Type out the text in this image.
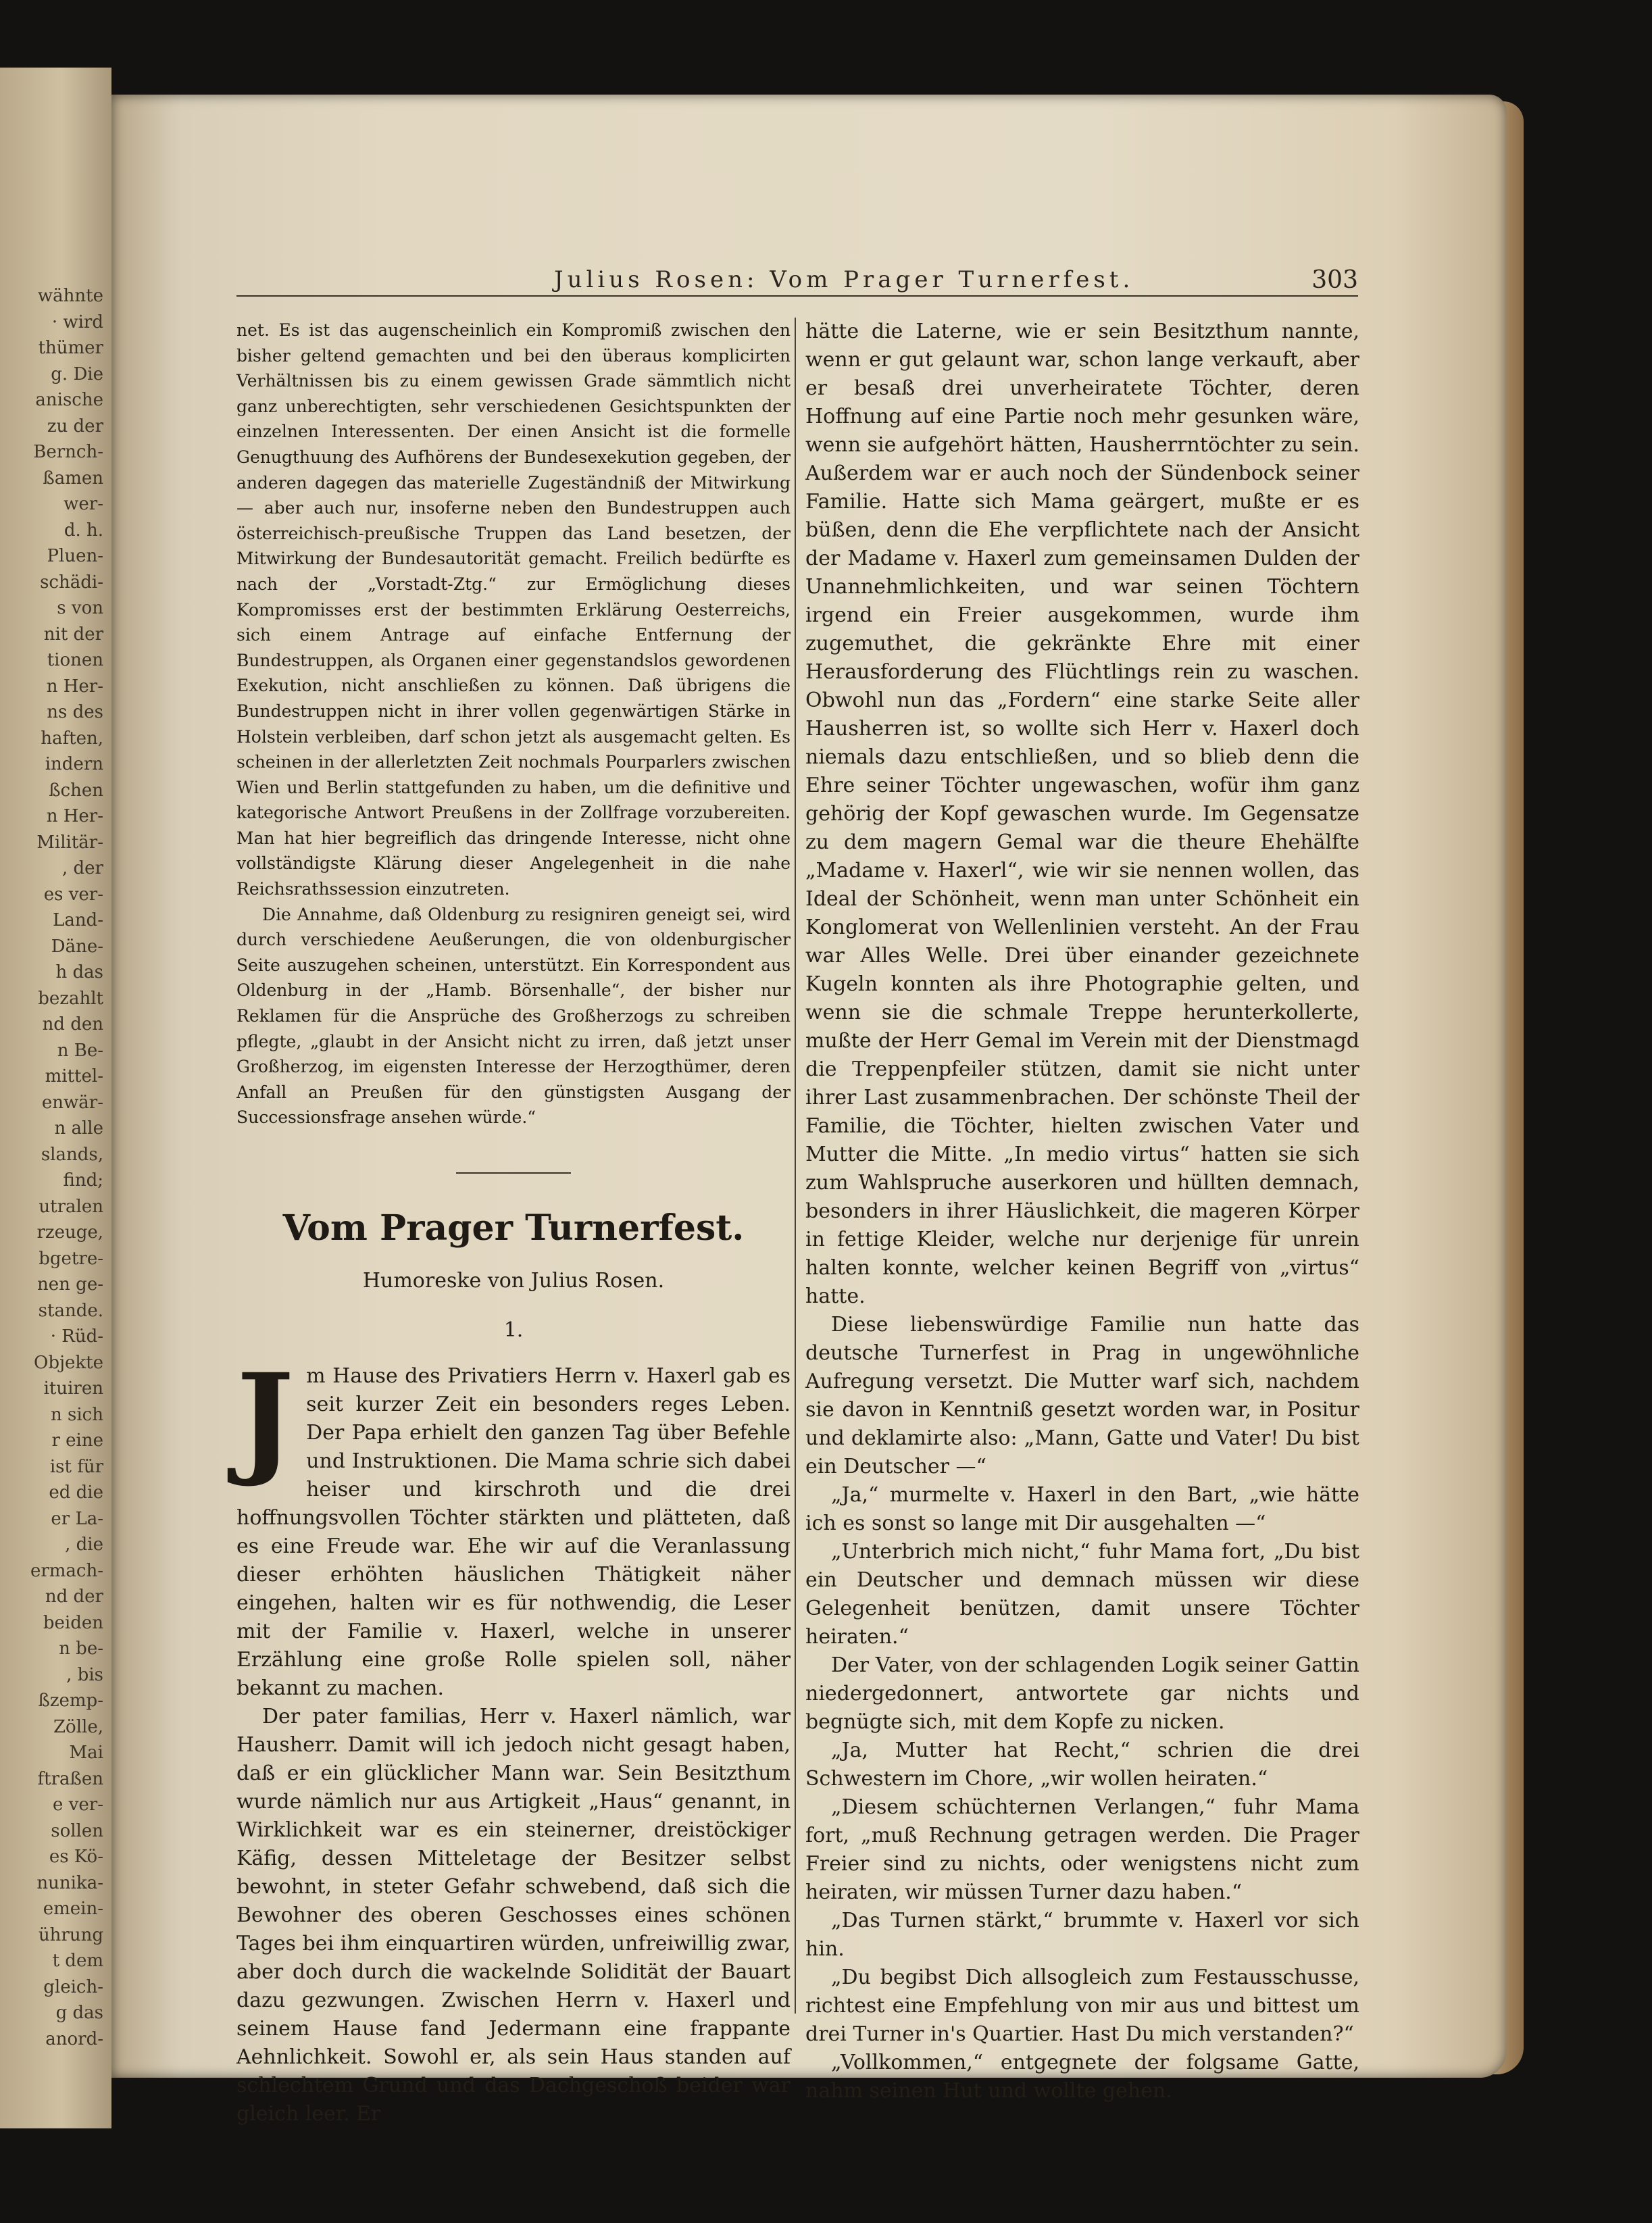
wähnte
· wird
thümer
g. Die
anische
zu der
Bernch-
ßamen
wer-
d. h.
Pluen-
schädi-
s von
nit der
tionen
n Her-
ns des
haften,
indern
ßchen
n Her-
Militär-
, der
es ver-
Land-
Däne-
h das
bezahlt
nd den
n Be-
mittel-
enwär-
n alle
slands,
find;
utralen
rzeuge,
bgetre-
nen ge-
stande.
· Rüd-
Objekte
ituiren
n sich
r eine
ist für
ed die
er La-
, die
ermach-
nd der
beiden
n be-
, bis
ßzemp-
Zölle,
Mai
ftraßen
e ver-
sollen
es Kö-
nunika-
emein-
ührung
t dem
gleich-
g das
anord-
Julius Rosen: Vom Prager Turnerfest.	303

net. Es ist das augenscheinlich ein Kompromiß zwischen den bisher geltend gemachten und bei den überaus komplicirten Verhältnissen bis zu einem gewissen Grade sämmtlich nicht ganz unberechtigten, sehr verschiedenen Gesichtspunkten der einzelnen Interessenten. Der einen Ansicht ist die formelle Genugthuung des Aufhörens der Bundesexekution gegeben, der anderen dagegen das materielle Zugeständniß der Mitwirkung — aber auch nur, insoferne neben den Bundestruppen auch österreichisch-preußische Truppen das Land besetzen, der Mitwirkung der Bundesautorität gemacht. Freilich bedürfte es nach der „Vorstadt-Ztg.“ zur Ermöglichung dieses Kompromisses erst der bestimmten Erklärung Oesterreichs, sich einem Antrage auf einfache Entfernung der Bundestruppen, als Organen einer gegenstandslos gewordenen Exekution, nicht anschließen zu können. Daß übrigens die Bundestruppen nicht in ihrer vollen gegenwärtigen Stärke in Holstein verbleiben, darf schon jetzt als ausgemacht gelten. Es scheinen in der allerletzten Zeit nochmals Pourparlers zwischen Wien und Berlin stattgefunden zu haben, um die definitive und kategorische Antwort Preußens in der Zollfrage vorzubereiten. Man hat hier begreiflich das dringende Interesse, nicht ohne vollständigste Klärung dieser Angelegenheit in die nahe Reichsrathssession einzutreten.

Die Annahme, daß Oldenburg zu resigniren geneigt sei, wird durch verschiedene Aeußerungen, die von oldenburgischer Seite auszugehen scheinen, unterstützt. Ein Korrespondent aus Oldenburg in der „Hamb. Börsenhalle“, der bisher nur Reklamen für die Ansprüche des Großherzogs zu schreiben pflegte, „glaubt in der Ansicht nicht zu irren, daß jetzt unser Großherzog, im eigensten Interesse der Herzogthümer, deren Anfall an Preußen für den günstigsten Ausgang der Successionsfrage ansehen würde.“

Vom Prager Turnerfest.
Humoreske von Julius Rosen.
1.

Jm Hause des Privatiers Herrn v. Haxerl gab es seit kurzer Zeit ein besonders reges Leben. Der Papa erhielt den ganzen Tag über Befehle und Instruktionen. Die Mama schrie sich dabei heiser und kirschroth und die drei hoffnungsvollen Töchter stärkten und plätteten, daß es eine Freude war. Ehe wir auf die Veranlassung dieser erhöhten häuslichen Thätigkeit näher eingehen, halten wir es für nothwendig, die Leser mit der Familie v. Haxerl, welche in unserer Erzählung eine große Rolle spielen soll, näher bekannt zu machen.

Der pater familias, Herr v. Haxerl nämlich, war Hausherr. Damit will ich jedoch nicht gesagt haben, daß er ein glücklicher Mann war. Sein Besitzthum wurde nämlich nur aus Artigkeit „Haus“ genannt, in Wirklichkeit war es ein steinerner, dreistöckiger Käfig, dessen Mitteletage der Besitzer selbst bewohnt, in steter Gefahr schwebend, daß sich die Bewohner des oberen Geschosses eines schönen Tages bei ihm einquartiren würden, unfreiwillig zwar, aber doch durch die wackelnde Solidität der Bauart dazu gezwungen. Zwischen Herrn v. Haxerl und seinem Hause fand Jedermann eine frappante Aehnlichkeit. Sowohl er, als sein Haus standen auf schlechtem Grund und das Dachgeschoß beider war gleich leer. Er

hätte die Laterne, wie er sein Besitzthum nannte, wenn er gut gelaunt war, schon lange verkauft, aber er besaß drei unverheiratete Töchter, deren Hoffnung auf eine Partie noch mehr gesunken wäre, wenn sie aufgehört hätten, Hausherrntöchter zu sein. Außerdem war er auch noch der Sündenbock seiner Familie. Hatte sich Mama geärgert, mußte er es büßen, denn die Ehe verpflichtete nach der Ansicht der Madame v. Haxerl zum gemeinsamen Dulden der Unannehmlichkeiten, und war seinen Töchtern irgend ein Freier ausgekommen, wurde ihm zugemuthet, die gekränkte Ehre mit einer Herausforderung des Flüchtlings rein zu waschen. Obwohl nun das „Fordern“ eine starke Seite aller Hausherren ist, so wollte sich Herr v. Haxerl doch niemals dazu entschließen, und so blieb denn die Ehre seiner Töchter ungewaschen, wofür ihm ganz gehörig der Kopf gewaschen wurde. Im Gegensatze zu dem magern Gemal war die theure Ehehälfte „Madame v. Haxerl“, wie wir sie nennen wollen, das Ideal der Schönheit, wenn man unter Schönheit ein Konglomerat von Wellenlinien versteht. An der Frau war Alles Welle. Drei über einander gezeichnete Kugeln konnten als ihre Photographie gelten, und wenn sie die schmale Treppe herunterkollerte, mußte der Herr Gemal im Verein mit der Dienstmagd die Treppenpfeiler stützen, damit sie nicht unter ihrer Last zusammenbrachen. Der schönste Theil der Familie, die Töchter, hielten zwischen Vater und Mutter die Mitte. „In medio virtus“ hatten sie sich zum Wahlspruche auserkoren und hüllten demnach, besonders in ihrer Häuslichkeit, die mageren Körper in fettige Kleider, welche nur derjenige für unrein halten konnte, welcher keinen Begriff von „virtus“ hatte.

Diese liebenswürdige Familie nun hatte das deutsche Turnerfest in Prag in ungewöhnliche Aufregung versetzt. Die Mutter warf sich, nachdem sie davon in Kenntniß gesetzt worden war, in Positur und deklamirte also: „Mann, Gatte und Vater! Du bist ein Deutscher —“

„Ja,“ murmelte v. Haxerl in den Bart, „wie hätte ich es sonst so lange mit Dir ausgehalten —“

„Unterbrich mich nicht,“ fuhr Mama fort, „Du bist ein Deutscher und demnach müssen wir diese Gelegenheit benützen, damit unsere Töchter heiraten.“

Der Vater, von der schlagenden Logik seiner Gattin niedergedonnert, antwortete gar nichts und begnügte sich, mit dem Kopfe zu nicken.

„Ja, Mutter hat Recht,“ schrien die drei Schwestern im Chore, „wir wollen heiraten.“

„Diesem schüchternen Verlangen,“ fuhr Mama fort, „muß Rechnung getragen werden. Die Prager Freier sind zu nichts, oder wenigstens nicht zum heiraten, wir müssen Turner dazu haben.“

„Das Turnen stärkt,“ brummte v. Haxerl vor sich hin.

„Du begibst Dich allsogleich zum Festausschusse, richtest eine Empfehlung von mir aus und bittest um drei Turner in's Quartier. Hast Du mich verstanden?“

„Vollkommen,“ entgegnete der folgsame Gatte, nahm seinen Hut und wollte gehen.
